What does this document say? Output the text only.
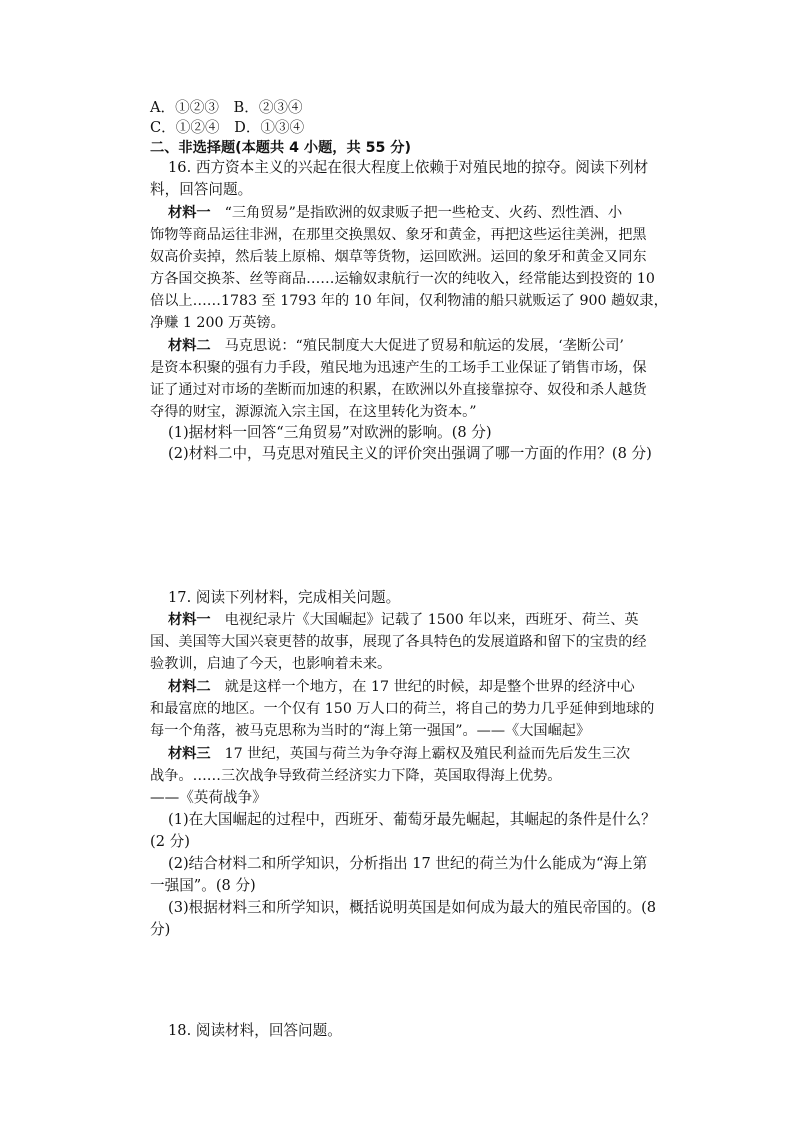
A．①②③　B．②③④
C．①②④　D．①③④
二、非选择题(本题共 4 小题，共 55 分)
16. 西方资本主义的兴起在很大程度上依赖于对殖民地的掠夺。阅读下列材
料，回答问题。
材料一 “三角贸易”是指欧洲的奴隶贩子把一些枪支、火药、烈性酒、小
饰物等商品运往非洲，在那里交换黑奴、象牙和黄金，再把这些运往美洲，把黑
奴高价卖掉，然后装上原棉、烟草等货物，运回欧洲。运回的象牙和黄金又同东
方各国交换茶、丝等商品……运输奴隶航行一次的纯收入，经常能达到投资的 10
倍以上……1783 至 1793 年的 10 年间，仅利物浦的船只就贩运了 900 趟奴隶，
净赚 1 200 万英镑。
材料二 马克思说：“殖民制度大大促进了贸易和航运的发展，‘垄断公司’
是资本积聚的强有力手段，殖民地为迅速产生的工场手工业保证了销售市场，保
证了通过对市场的垄断而加速的积累，在欧洲以外直接靠掠夺、奴役和杀人越货
夺得的财宝，源源流入宗主国，在这里转化为资本。”
(1)据材料一回答“三角贸易”对欧洲的影响。(8 分)
(2)材料二中，马克思对殖民主义的评价突出强调了哪一方面的作用？(8 分)
17. 阅读下列材料，完成相关问题。
材料一 电视纪录片《大国崛起》记载了 1500 年以来，西班牙、荷兰、英
国、美国等大国兴衰更替的故事，展现了各具特色的发展道路和留下的宝贵的经
验教训，启迪了今天，也影响着未来。
材料二 就是这样一个地方，在 17 世纪的时候，却是整个世界的经济中心
和最富庶的地区。一个仅有 150 万人口的荷兰，将自己的势力几乎延伸到地球的
每一个角落，被马克思称为当时的“海上第一强国”。——《大国崛起》
材料三 17 世纪，英国与荷兰为争夺海上霸权及殖民利益而先后发生三次
战争。……三次战争导致荷兰经济实力下降，英国取得海上优势。
——《英荷战争》
(1)在大国崛起的过程中，西班牙、葡萄牙最先崛起，其崛起的条件是什么？
(2 分)
(2)结合材料二和所学知识，分析指出 17 世纪的荷兰为什么能成为“海上第
一强国”。(8 分)
(3)根据材料三和所学知识，概括说明英国是如何成为最大的殖民帝国的。(8
分)
18. 阅读材料，回答问题。
